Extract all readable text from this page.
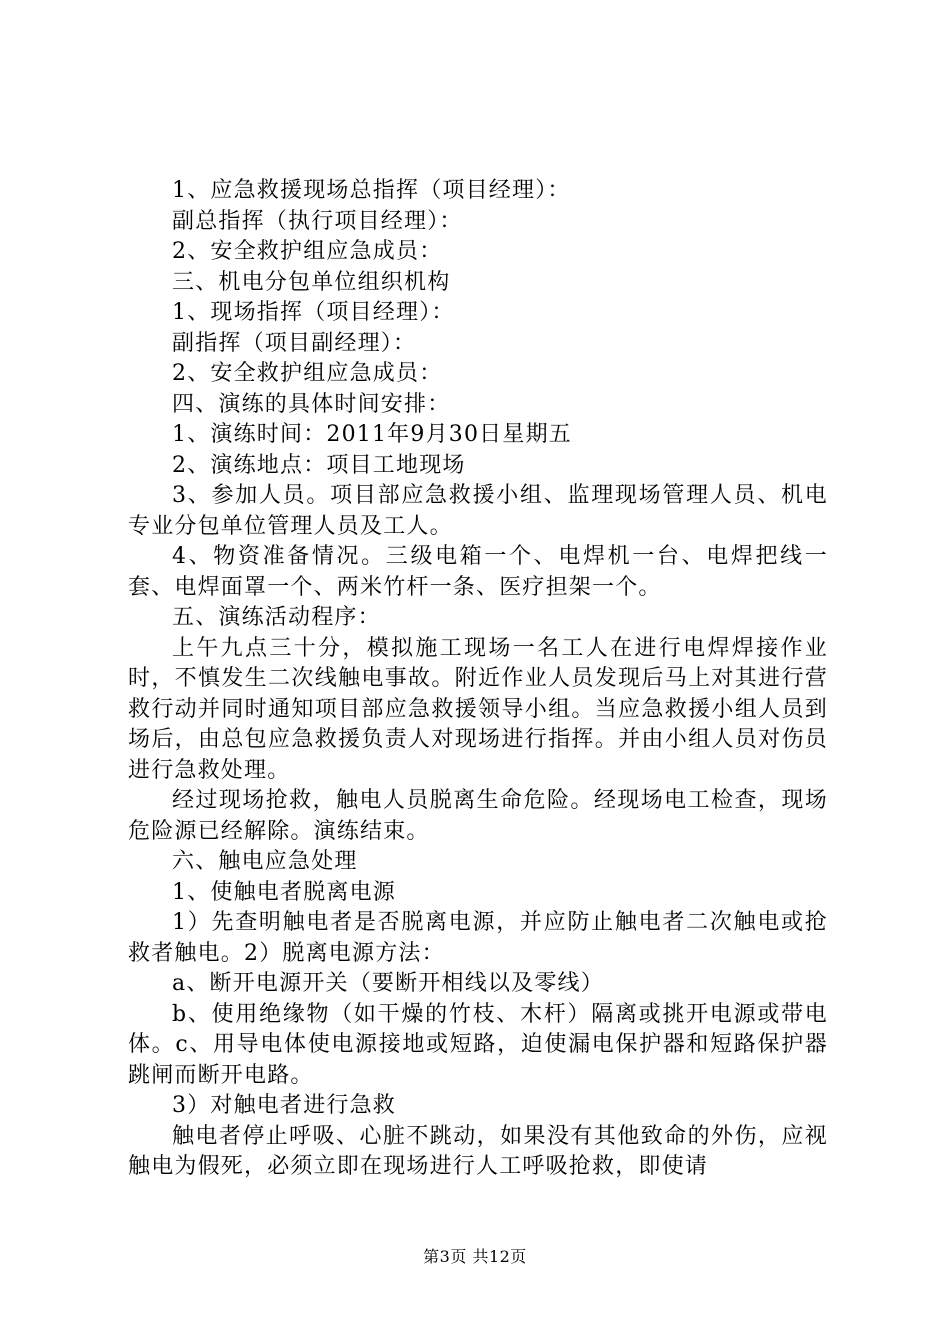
1、应急救援现场总指挥（项目经理）：

副总指挥（执行项目经理）：

2、安全救护组应急成员：

三、机电分包单位组织机构

1、现场指挥（项目经理）：

副指挥（项目副经理）：

2、安全救护组应急成员：

四、演练的具体时间安排：

1、演练时间：2011年9月30日星期五

2、演练地点：项目工地现场

3、参加人员。项目部应急救援小组、监理现场管理人员、机电专业分包单位管理人员及工人。

4、物资准备情况。三级电箱一个、电焊机一台、电焊把线一套、电焊面罩一个、两米竹杆一条、医疗担架一个。

五、演练活动程序：

上午九点三十分，模拟施工现场一名工人在进行电焊焊接作业时，不慎发生二次线触电事故。附近作业人员发现后马上对其进行营救行动并同时通知项目部应急救援领导小组。当应急救援小组人员到场后，由总包应急救援负责人对现场进行指挥。并由小组人员对伤员进行急救处理。

经过现场抢救，触电人员脱离生命危险。经现场电工检查，现场危险源已经解除。演练结束。

六、触电应急处理

1、使触电者脱离电源

1）先查明触电者是否脱离电源，并应防止触电者二次触电或抢救者触电。2）脱离电源方法：

a、断开电源开关（要断开相线以及零线）

b、使用绝缘物（如干燥的竹枝、木杆）隔离或挑开电源或带电体。c、用导电体使电源接地或短路，迫使漏电保护器和短路保护器跳闸而断开电路。

3）对触电者进行急救

触电者停止呼吸、心脏不跳动，如果没有其他致命的外伤，应视触电为假死，必须立即在现场进行人工呼吸抢救，即使请

第3页 共12页
